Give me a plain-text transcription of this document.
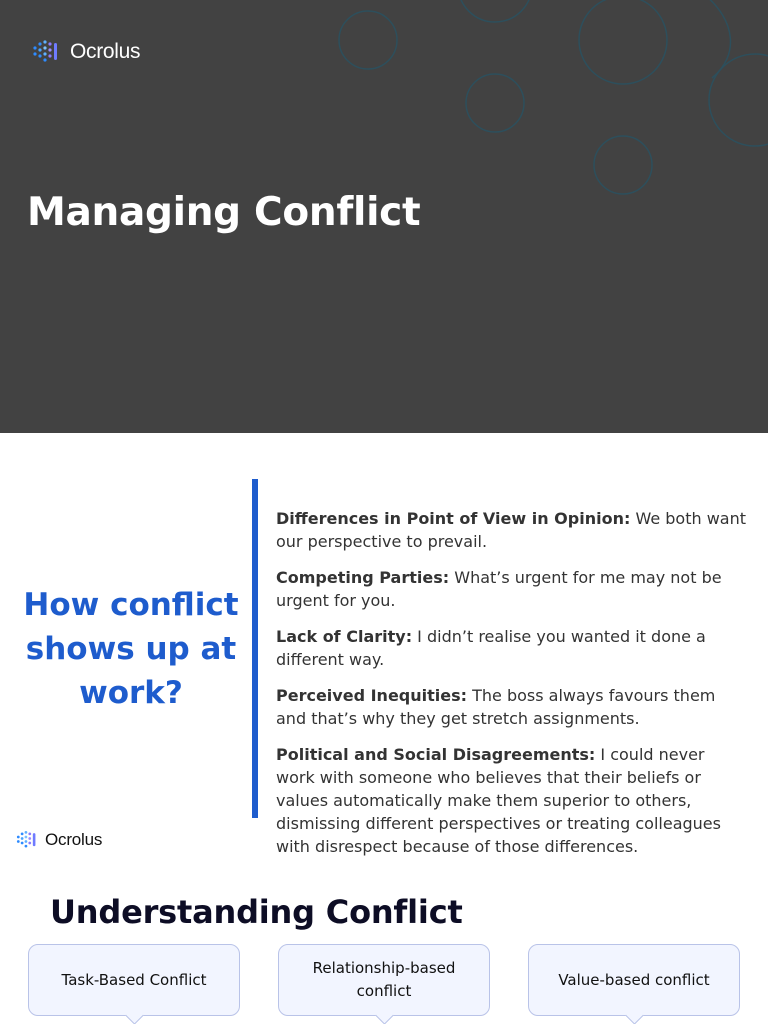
Ocrolus
Managing Conflict
How conflict shows up at work?

Differences in Point of View in Opinion: We both want our perspective to prevail.

Competing Parties: What’s urgent for me may not be urgent for you.

Lack of Clarity: I didn’t realise you wanted it done a different way.

Perceived Inequities: The boss always favours them and that’s why they get stretch assignments.

Political and Social Disagreements: I could never work with someone who believes that their beliefs or values automatically make them superior to others, dismissing different perspectives or treating colleagues with disrespect because of those differences.

Ocrolus
Understanding Conflict
Task-Based Conflict
Relationship-based conflict
Value-based conflict
